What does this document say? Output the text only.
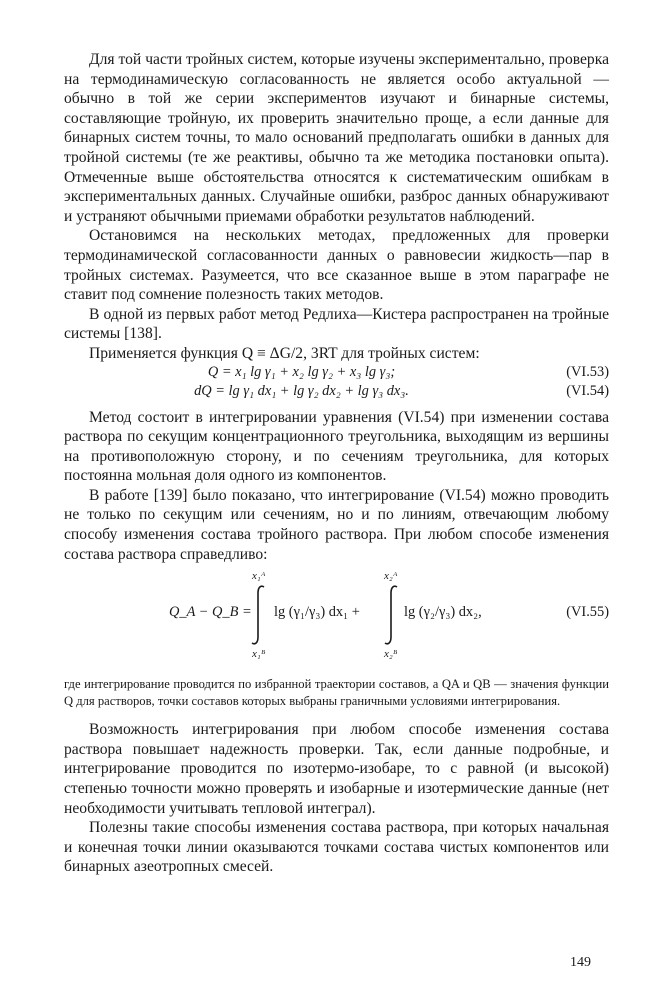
Для той части тройных систем, которые изучены экспериментально, проверка на термодинамическую согласованность не является особо актуальной — обычно в той же серии экспериментов изучают и бинарные системы, составляющие тройную, их проверить значительно проще, а если данные для бинарных систем точны, то мало оснований предполагать ошибки в данных для тройной системы (те же реактивы, обычно та же методика постановки опыта). Отмеченные выше обстоятельства относятся к систематическим ошибкам в экспериментальных данных. Случайные ошибки, разброс данных обнаруживают и устраняют обычными приемами обработки результатов наблюдений.

Остановимся на нескольких методах, предложенных для проверки термодинамической согласованности данных о равновесии жидкость—пар в тройных системах. Разумеется, что все сказанное выше в этом параграфе не ставит под сомнение полезность таких методов.

В одной из первых работ метод Редлиха—Кистера распространен на тройные системы [138].

Применяется функция Q ≡ ΔG/2, 3RT для тройных систем:

Q = x₁ lg γ₁ + x₂ lg γ₂ + x₃ lg γ₃;	(VI.53)
dQ = lg γ₁ dx₁ + lg γ₂ dx₂ + lg γ₃ dx₃.	(VI.54)

Метод состоит в интегрировании уравнения (VI.54) при изменении состава раствора по секущим концентрационного треугольника, выходящим из вершины на противоположную сторону, и по сечениям треугольника, для которых постоянна мольная доля одного из компонентов.

В работе [139] было показано, что интегрирование (VI.54) можно проводить не только по секущим или сечениям, но и по линиям, отвечающим любому способу изменения состава тройного раствора. При любом способе изменения состава раствора справедливо:

Q_A − Q_B =
x₁ᴬ
x₁ᴮ
lg (γ₁/γ₃) dx₁ +
x₂ᴬ
x₂ᴮ
lg (γ₂/γ₃) dx₂,	(VI.55)

где интегрирование проводится по избранной траектории составов, а QA и QB — значения функции Q для растворов, точки составов которых выбраны граничными условиями интегрирования.

Возможность интегрирования при любом способе изменения состава раствора повышает надежность проверки. Так, если данные подробные, и интегрирование проводится по изотермо-изобаре, то с равной (и высокой) степенью точности можно проверять и изобарные и изотермические данные (нет необходимости учитывать тепловой интеграл).

Полезны такие способы изменения состава раствора, при которых начальная и конечная точки линии оказываются точками состава чистых компонентов или бинарных азеотропных смесей.

149
